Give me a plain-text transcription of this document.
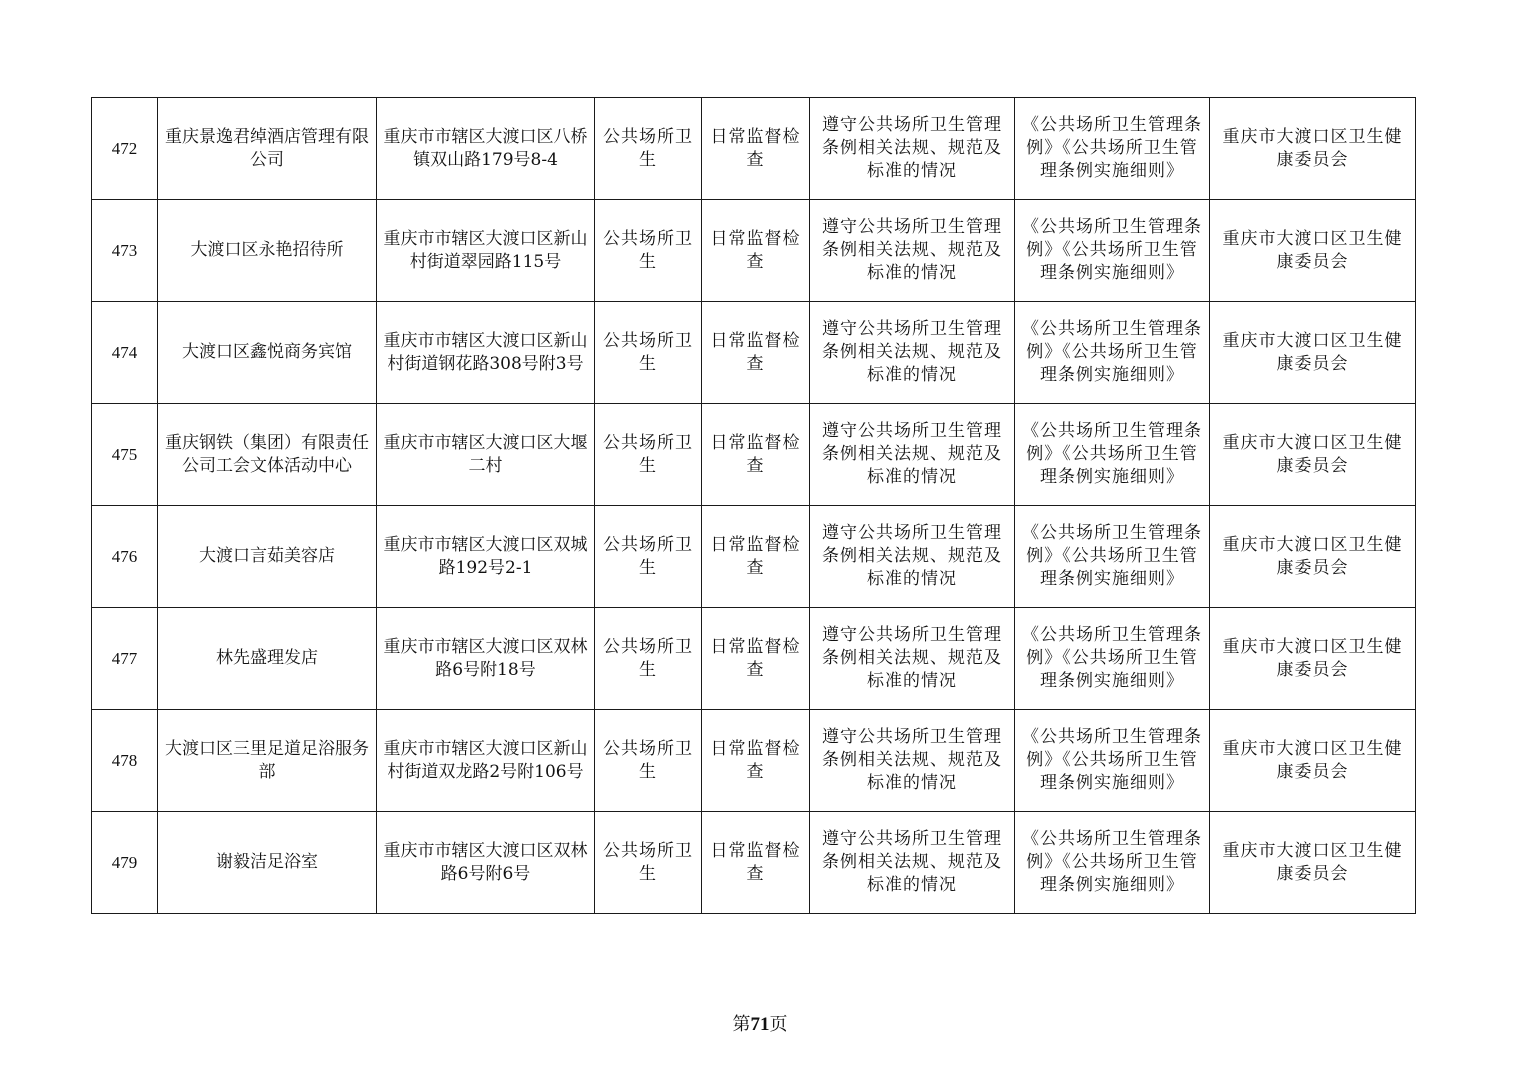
472	重庆景逸君绰酒店管理有限公司	重庆市市辖区大渡口区八桥镇双山路179号8-4	公共场所卫生	日常监督检查	遵守公共场所卫生管理条例相关法规、规范及标准的情况	《公共场所卫生管理条例》《公共场所卫生管理条例实施细则》	重庆市大渡口区卫生健康委员会
473	大渡口区永艳招待所	重庆市市辖区大渡口区新山村街道翠园路115号	公共场所卫生	日常监督检查	遵守公共场所卫生管理条例相关法规、规范及标准的情况	《公共场所卫生管理条例》《公共场所卫生管理条例实施细则》	重庆市大渡口区卫生健康委员会
474	大渡口区鑫悦商务宾馆	重庆市市辖区大渡口区新山村街道钢花路308号附3号	公共场所卫生	日常监督检查	遵守公共场所卫生管理条例相关法规、规范及标准的情况	《公共场所卫生管理条例》《公共场所卫生管理条例实施细则》	重庆市大渡口区卫生健康委员会
475	重庆钢铁（集团）有限责任公司工会文体活动中心	重庆市市辖区大渡口区大堰二村	公共场所卫生	日常监督检查	遵守公共场所卫生管理条例相关法规、规范及标准的情况	《公共场所卫生管理条例》《公共场所卫生管理条例实施细则》	重庆市大渡口区卫生健康委员会
476	大渡口言茹美容店	重庆市市辖区大渡口区双城路192号2-1	公共场所卫生	日常监督检查	遵守公共场所卫生管理条例相关法规、规范及标准的情况	《公共场所卫生管理条例》《公共场所卫生管理条例实施细则》	重庆市大渡口区卫生健康委员会
477	林先盛理发店	重庆市市辖区大渡口区双林路6号附18号	公共场所卫生	日常监督检查	遵守公共场所卫生管理条例相关法规、规范及标准的情况	《公共场所卫生管理条例》《公共场所卫生管理条例实施细则》	重庆市大渡口区卫生健康委员会
478	大渡口区三里足道足浴服务部	重庆市市辖区大渡口区新山村街道双龙路2号附106号	公共场所卫生	日常监督检查	遵守公共场所卫生管理条例相关法规、规范及标准的情况	《公共场所卫生管理条例》《公共场所卫生管理条例实施细则》	重庆市大渡口区卫生健康委员会
479	谢毅洁足浴室	重庆市市辖区大渡口区双林路6号附6号	公共场所卫生	日常监督检查	遵守公共场所卫生管理条例相关法规、规范及标准的情况	《公共场所卫生管理条例》《公共场所卫生管理条例实施细则》	重庆市大渡口区卫生健康委员会
第71页
